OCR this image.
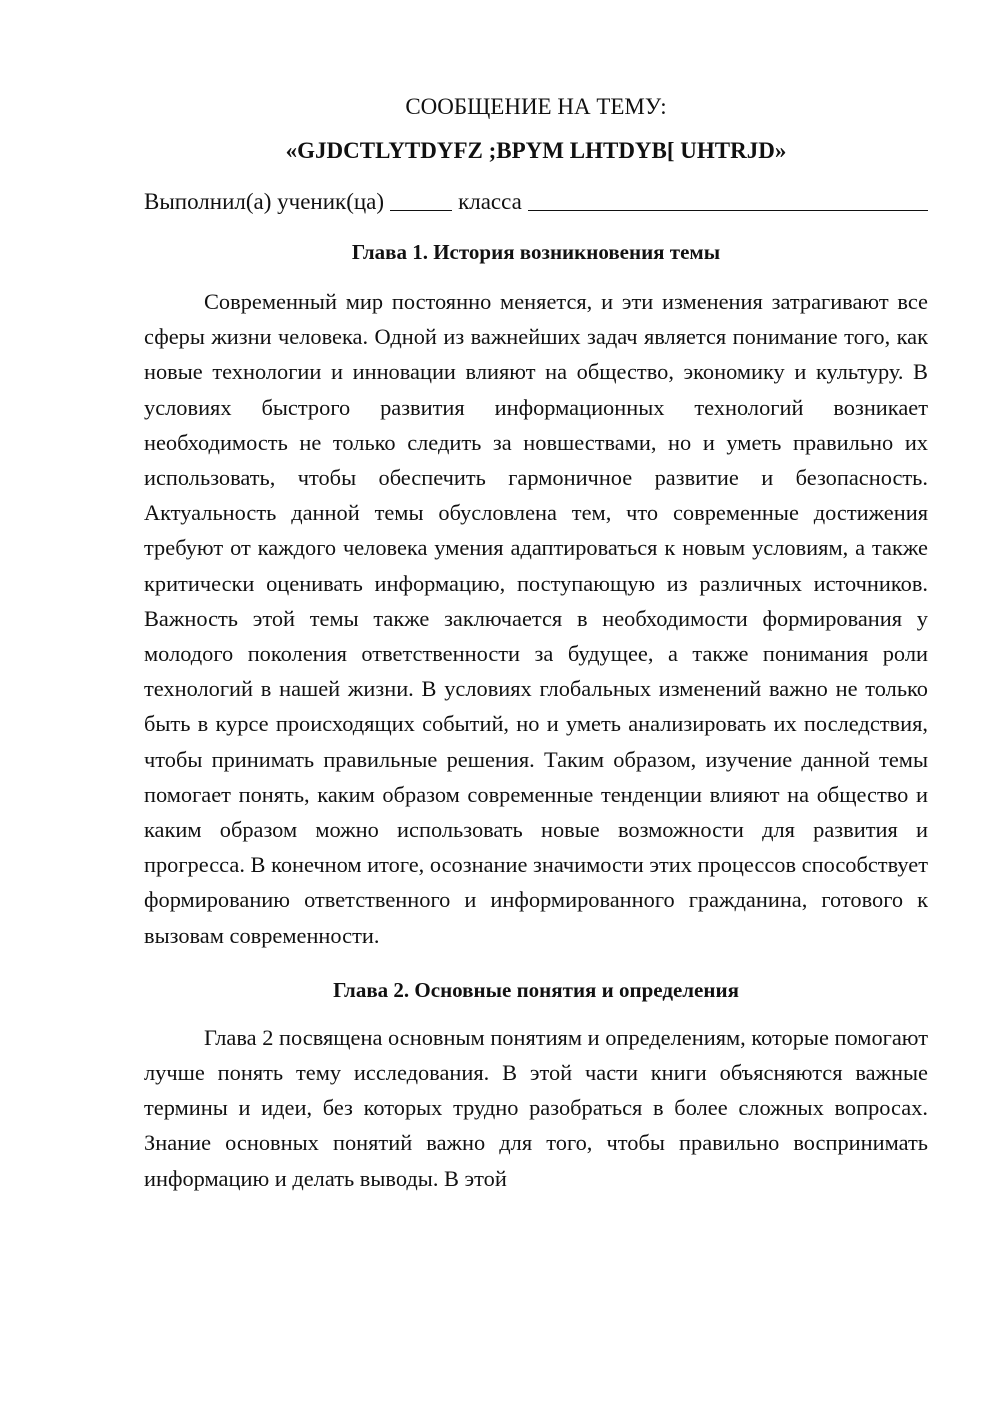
СООБЩЕНИЕ НА ТЕМУ:

«GJDCTLYTDYFZ ;BPYM LHTDYB[ UHTRJD»

Выполнил(а) ученик(ца)	класса
Глава 1. История возникновения темы

Современный мир постоянно меняется, и эти изменения затрагивают все сферы жизни человека. Одной из важнейших задач является понимание того, как новые технологии и инновации влияют на общество, экономику и культуру. В условиях быстрого развития информационных технологий возникает необходимость не только следить за новшествами, но и уметь правильно их использовать, чтобы обеспечить гармоничное развитие и безопасность. Актуальность данной темы обусловлена тем, что современные достижения требуют от каждого человека умения адаптироваться к новым условиям, а также критически оценивать информацию, поступающую из различных источников. Важность этой темы также заключается в необходимости формирования у молодого поколения ответственности за будущее, а также понимания роли технологий в нашей жизни. В условиях глобальных изменений важно не только быть в курсе происходящих событий, но и уметь анализировать их последствия, чтобы принимать правильные решения. Таким образом, изучение данной темы помогает понять, каким образом современные тенденции влияют на общество и каким образом можно использовать новые возможности для развития и прогресса. В конечном итоге, осознание значимости этих процессов способствует формированию ответственного и информированного гражданина, готового к вызовам современности.

Глава 2. Основные понятия и определения

Глава 2 посвящена основным понятиям и определениям, которые помогают лучше понять тему исследования. В этой части книги объясняются важные термины и идеи, без которых трудно разобраться в более сложных вопросах. Знание основных понятий важно для того, чтобы правильно воспринимать информацию и делать выводы. В этой
